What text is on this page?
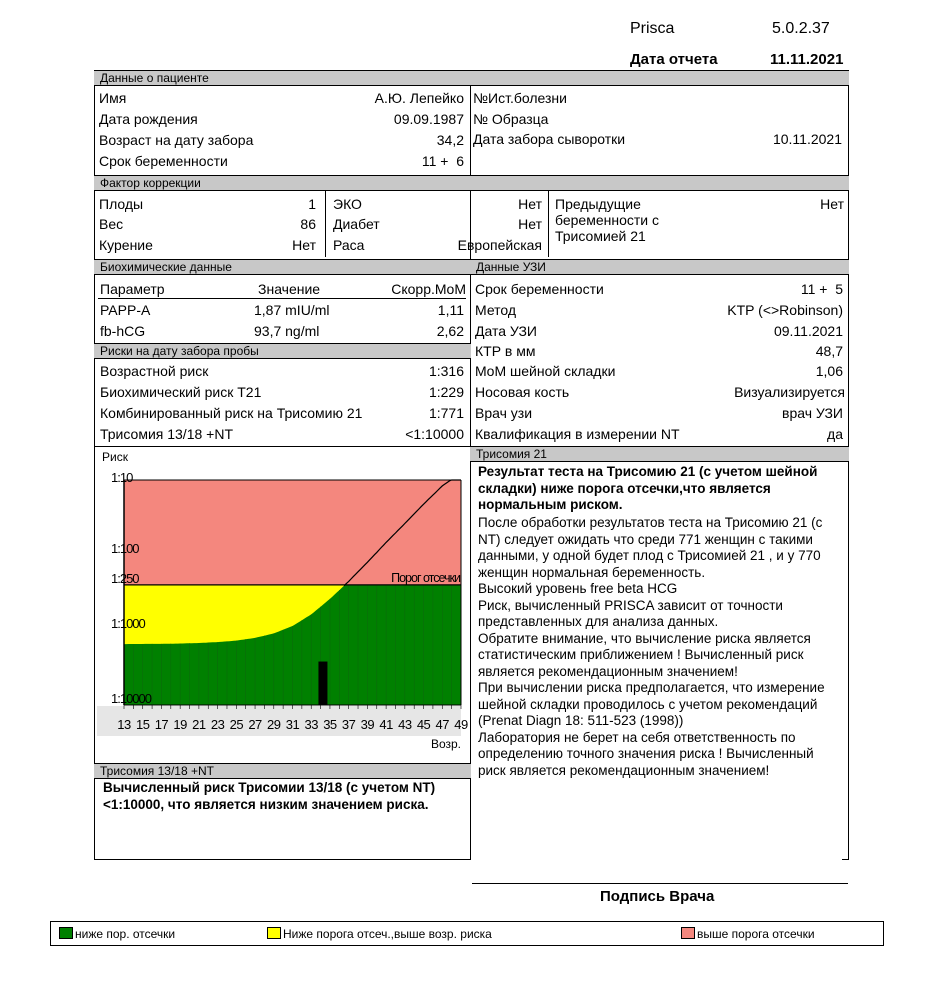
Prisca	5.0.2.37
Дата отчета	11.11.2021
Данные о пациенте
Имя	А.Ю. Лепейко
Дата рождения	09.09.1987
Возраст на дату забора	34,2
Срок беременности	11 +  6
№Ист.болезни
№ Образца
Дата забора сыворотки	10.11.2021
Фактор коррекции
Плоды	1
Вес	86
Курение	Нет
ЭКО	Нет
Диабет	Нет
Раса	Европейская
Предыдущие
беременности с
Трисомией 21
Нет
Биохимические данные
Параметр	Значение	Скорр.MoM
PAPP-A	1,87 mIU/ml	1,11
fb-hCG	93,7 ng/ml	2,62
Риски на дату забора пробы
Возрастной риск	1:316
Биохимический риск T21	1:229
Комбинированный риск на Трисомию 21	1:771
Трисомия 13/18 +NT	<1:10000
Данные УЗИ
Срок беременности	11 +  5
Метод	KTP (<>Robinson)
Дата УЗИ	09.11.2021
КТР в мм	48,7
MoM шейной складки	1,06
Носовая кость	Визуализируется
Врач узи	врач УЗИ
Квалификация в измерении NT	да
Риск
1:10
1:100
1:250
1:1000
1:10000
13 15 17 19 21 23 25 27 29 31 33 35 37 39 41 43 45 47 49
Возр.
Порог отсечки
Трисомия 21
Результат теста на Трисомию 21 (с учетом шейной складки) ниже порога отсечки,что является нормальным риском.
После обработки результатов теста на Трисомию 21 (с NT) следует ожидать что среди 771 женщин с такими данными, у одной будет плод с Трисомией 21 , и у 770 женщин нормальная беременность.
Высокий уровень free beta HCG
Риск, вычисленный PRISCA зависит от точности представленных для анализа данных.
Обратите внимание, что вычисление риска является статистическим приближением ! Вычисленный риск является рекомендационным значением!
При вычислении риска предполагается, что измерение шейной складки проводилось с учетом рекомендаций (Prenat Diagn 18: 511-523 (1998))
Лаборатория не берет на себя ответственность по определению точного значения риска ! Вычисленный риск является рекомендационным значением!
Трисомия 13/18 +NT
Вычисленный риск Трисомии 13/18 (с учетом NT) <1:10000, что является низким значением риска.
Подпись Врача
ниже пор. отсечки	Ниже порога отсеч.,выше возр. риска	выше порога отсечки
